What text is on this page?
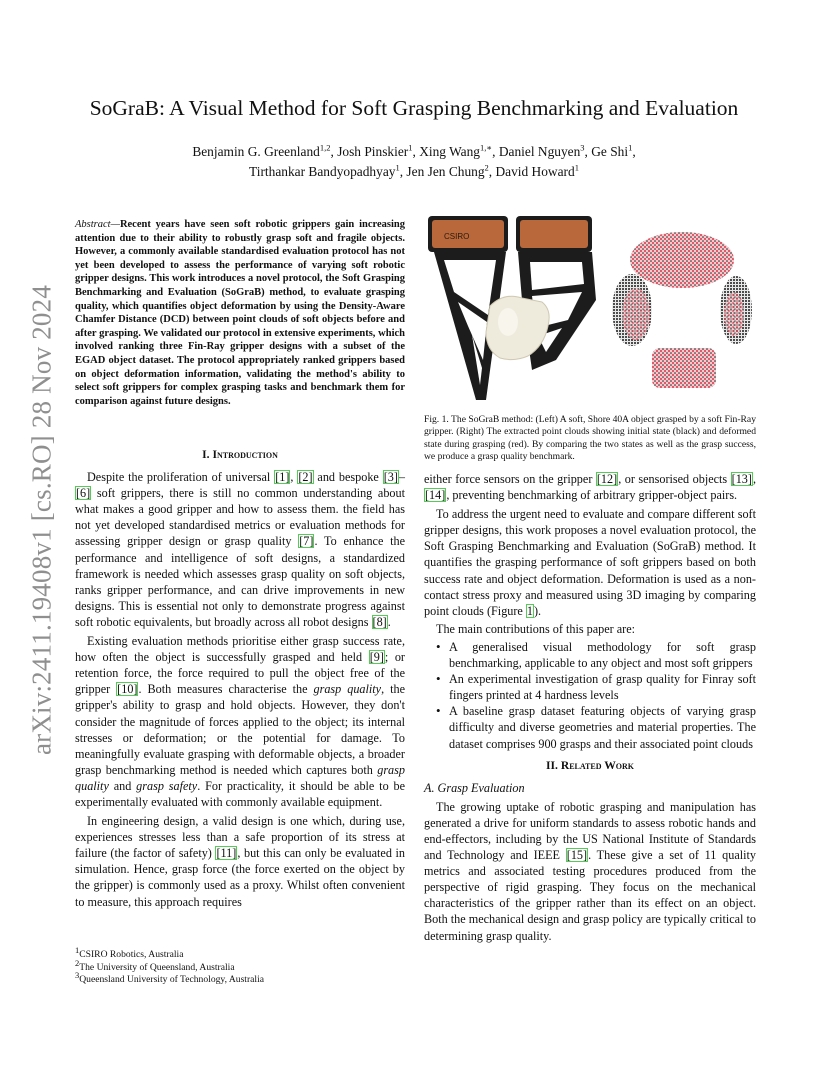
arXiv:2411.19408v1 [cs.RO] 28 Nov 2024
SoGraB: A Visual Method for Soft Grasping Benchmarking and Evaluation
Benjamin G. Greenland$^{1,2}$, Josh Pinskier$^1$, Xing Wang$^{1,∗}$, Daniel Nguyen$^3$, Ge Shi$^1$,
Tirthankar Bandyopadhyay$^1$, Jen Jen Chung$^2$, David Howard$^1$
Abstract—Recent years have seen soft robotic grippers gain increasing attention due to their ability to robustly grasp soft and fragile objects. However, a commonly available standardised evaluation protocol has not yet been developed to assess the performance of varying soft robotic gripper designs. This work introduces a novel protocol, the Soft Grasping Benchmarking and Evaluation (SoGraB) method, to evaluate grasping quality, which quantifies object deformation by using the Density-Aware Chamfer Distance (DCD) between point clouds of soft objects before and after grasping. We validated our protocol in extensive experiments, which involved ranking three Fin-Ray gripper designs with a subset of the EGAD object dataset. The protocol appropriately ranked grippers based on object deformation information, validating the method's ability to select soft grippers for complex grasping tasks and benchmark them for comparison against future designs.
I. Introduction

Despite the proliferation of universal [1], [2] and bespoke [3]–[6] soft grippers, there is still no common understanding about what makes a good gripper and how to assess them. the field has not yet developed standardised metrics or evaluation methods for assessing gripper design or grasp quality [7]. To enhance the performance and intelligence of soft designs, a standardized framework is needed which assesses grasp quality on soft objects, ranks gripper performance, and can drive improvements in new designs. This is essential not only to demonstrate progress against soft robotic equivalents, but broadly across all robot designs [8].

Existing evaluation methods prioritise either grasp success rate, how often the object is successfully grasped and held [9]; or retention force, the force required to pull the object free of the gripper [10]. Both measures characterise the grasp quality, the gripper's ability to grasp and hold objects. However, they don't consider the magnitude of forces applied to the object; its internal stresses or deformation; or the potential for damage. To meaningfully evaluate grasping with deformable objects, a broader grasp benchmarking method is needed which captures both grasp quality and grasp safety. For practicality, it should be able to be experimentally evaluated with commonly available equipment.

In engineering design, a valid design is one which, during use, experiences stresses less than a safe proportion of its stress at failure (the factor of safety) [11], but this can only be evaluated in simulation. Hence, grasp force (the force exerted on the object by the gripper) is commonly used as a proxy. Whilst often convenient to measure, this approach requires

$^1$CSIRO Robotics, Australia
$^2$The University of Queensland, Australia
$^3$Queensland University of Technology, Australia
CSIRO
Fig. 1. The SoGraB method: (Left) A soft, Shore 40A object grasped by a soft Fin-Ray gripper. (Right) The extracted point clouds showing initial state (black) and deformed state during grasping (red). By comparing the two states as well as the grasp success, we produce a grasp quality benchmark.

either force sensors on the gripper [12], or sensorised objects [13], [14], preventing benchmarking of arbitrary gripper-object pairs.

To address the urgent need to evaluate and compare different soft gripper designs, this work proposes a novel evaluation protocol, the Soft Grasping Benchmarking and Evaluation (SoGraB) method. It quantifies the grasping performance of soft grippers based on both success rate and object deformation. Deformation is used as a non-contact stress proxy and measured using 3D imaging by comparing point clouds (Figure 1).

The main contributions of this paper are:

• A generalised visual methodology for soft grasp benchmarking, applicable to any object and most soft grippers
• An experimental investigation of grasp quality for Finray soft fingers printed at 4 hardness levels
• A baseline grasp dataset featuring objects of varying grasp difficulty and diverse geometries and material properties. The dataset comprises 900 grasps and their associated point clouds
II. Related Work
A. Grasp Evaluation

The growing uptake of robotic grasping and manipulation has generated a drive for uniform standards to assess robotic hands and end-effectors, including by the US National Institute of Standards and Technology and IEEE [15]. These give a set of 11 quality metrics and associated testing procedures produced from the perspective of rigid grasping. They focus on the mechanical characteristics of the gripper rather than its effect on an object. Both the mechanical design and grasp policy are typically critical to determining grasp quality.
